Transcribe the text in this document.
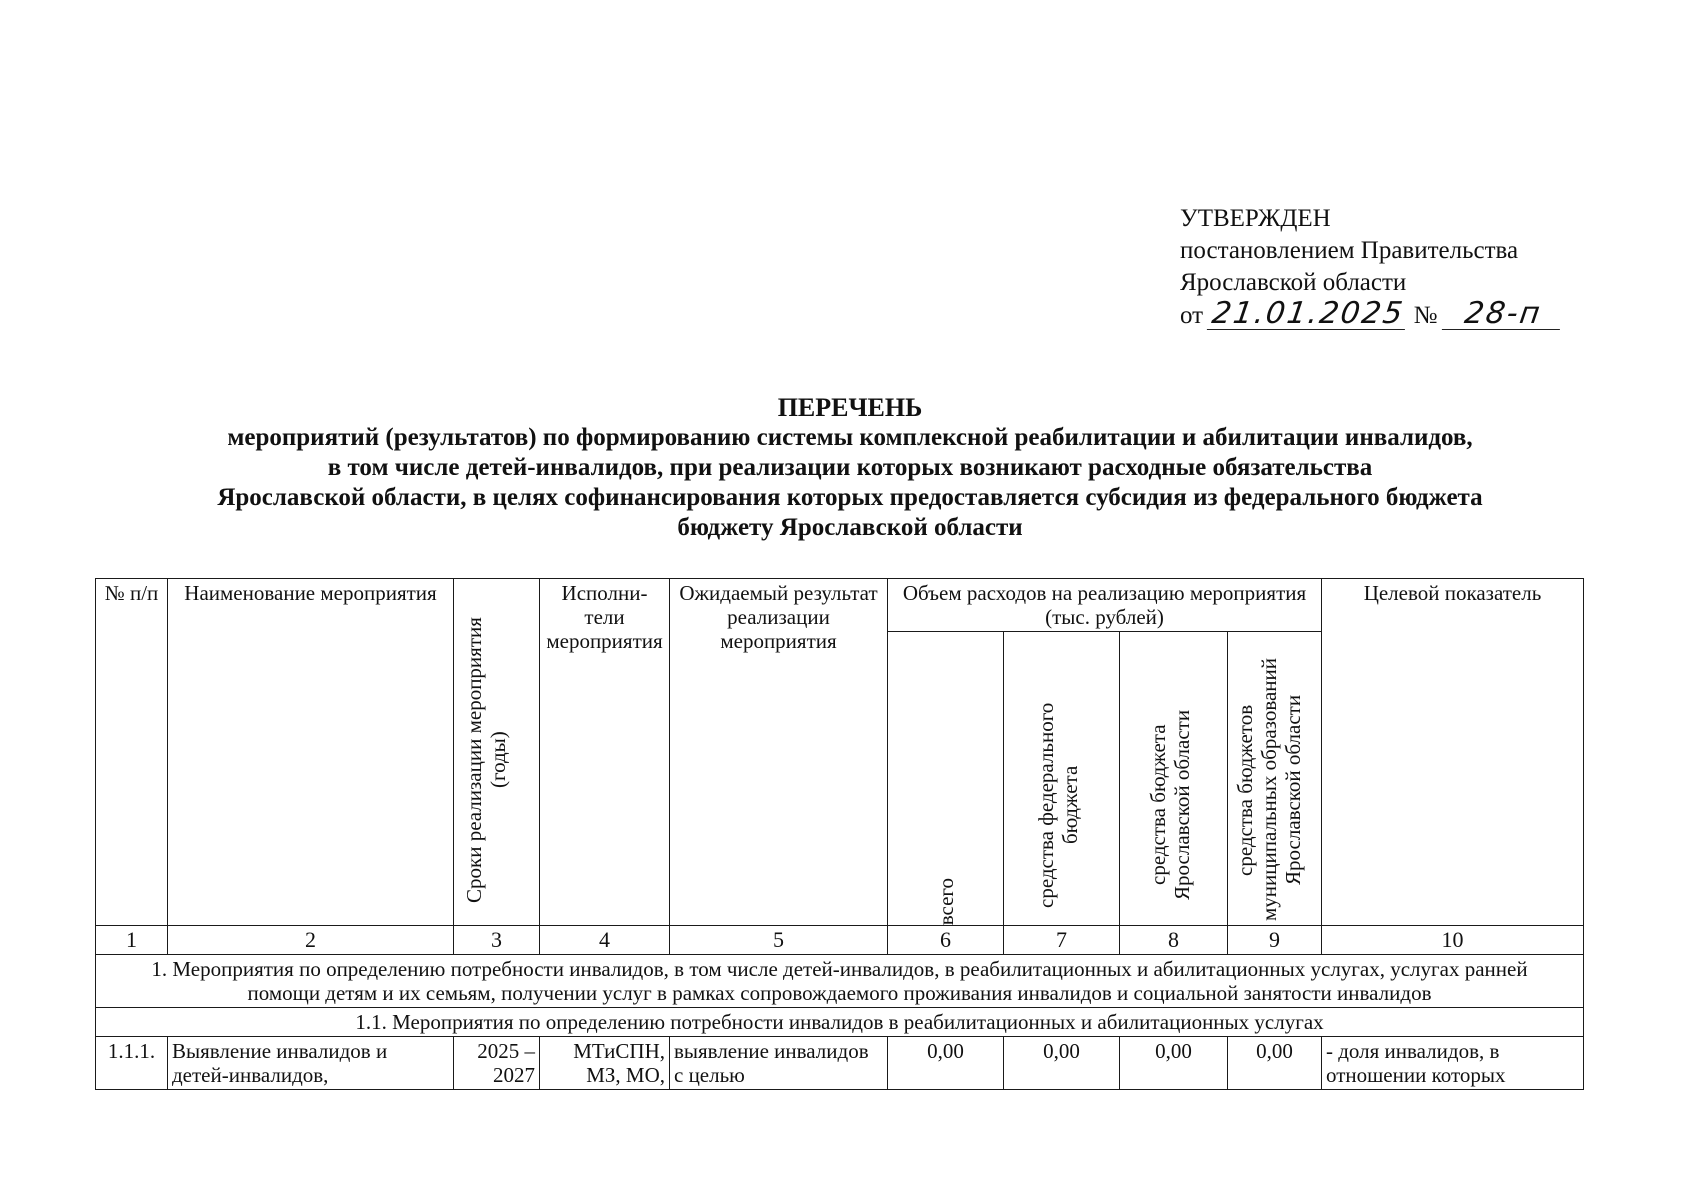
УТВЕРЖДЕН
постановлением Правительства
Ярославской области
от 21.01.2025 № 28-п
ПЕРЕЧЕНЬ
мероприятий (результатов) по формированию системы комплексной реабилитации и абилитации инвалидов,
в том числе детей-инвалидов, при реализации которых возникают расходные обязательства
Ярославской области, в целях софинансирования которых предоставляется субсидия из федерального бюджета
бюджету Ярославской области
№ п/п	Наименование мероприятия	Сроки реализации мероприятия (годы)	Исполни-тели мероприятия	Ожидаемый результат реализации мероприятия	Объем расходов на реализацию мероприятия (тыс. рублей)				Целевой показатель

					всего	средства федерального бюджета	средства бюджета Ярославской области	средства бюджетов муниципальных образований Ярославской области	

1	2	3	4	5	6	7	8	9	10
1. Мероприятия по определению потребности инвалидов, в том числе детей-инвалидов, в реабилитационных и абилитационных услугах, услугах ранней помощи детям и их семьям, получении услуг в рамках сопровождаемого проживания инвалидов и социальной занятости инвалидов									
1.1. Мероприятия по определению потребности инвалидов в реабилитационных и абилитационных услугах									
1.1.1.	Выявление инвалидов и детей-инвалидов,	2025 – 2027	МТиСПН, МЗ, МО,	выявление инвалидов с целью	0,00	0,00	0,00	0,00	- доля инвалидов, в отношении которых
